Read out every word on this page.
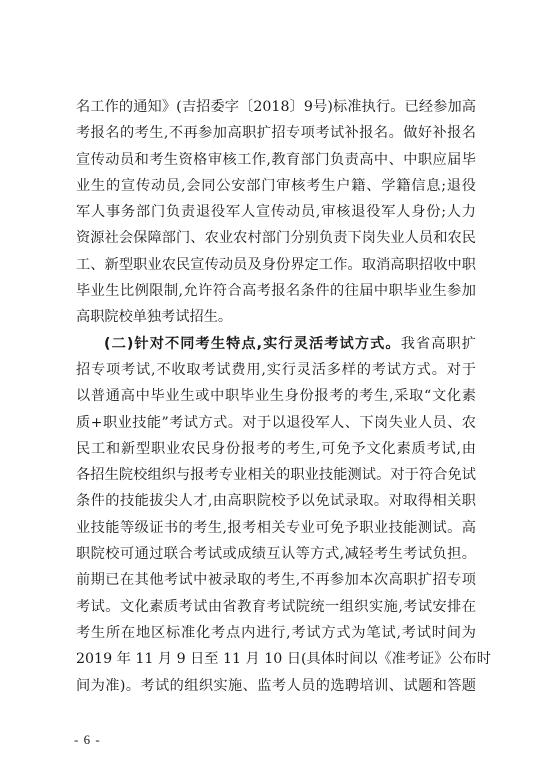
名工作的通知》(吉招委字〔2018〕9号)标准执行。已经参加高
考报名的考生,不再参加高职扩招专项考试补报名。做好补报名
宣传动员和考生资格审核工作,教育部门负责高中、中职应届毕
业生的宣传动员,会同公安部门审核考生户籍、学籍信息;退役
军人事务部门负责退役军人宣传动员,审核退役军人身份;人力
资源社会保障部门、农业农村部门分别负责下岗失业人员和农民
工、新型职业农民宣传动员及身份界定工作。取消高职招收中职
毕业生比例限制,允许符合高考报名条件的往届中职毕业生参加
高职院校单独考试招生。
(二)针对不同考生特点,实行灵活考试方式。我省高职扩
招专项考试,不收取考试费用,实行灵活多样的考试方式。对于
以普通高中毕业生或中职毕业生身份报考的考生,采取“文化素
质+职业技能”考试方式。对于以退役军人、下岗失业人员、农
民工和新型职业农民身份报考的考生,可免予文化素质考试,由
各招生院校组织与报考专业相关的职业技能测试。对于符合免试
条件的技能拔尖人才,由高职院校予以免试录取。对取得相关职
业技能等级证书的考生,报考相关专业可免予职业技能测试。高
职院校可通过联合考试或成绩互认等方式,减轻考生考试负担。
前期已在其他考试中被录取的考生,不再参加本次高职扩招专项
考试。文化素质考试由省教育考试院统一组织实施,考试安排在
考生所在地区标准化考点内进行,考试方式为笔试,考试时间为
2019 年 11 月 9 日至 11 月 10 日(具体时间以《准考证》公布时
间为准)。考试的组织实施、监考人员的选聘培训、试题和答题
- 6 -
